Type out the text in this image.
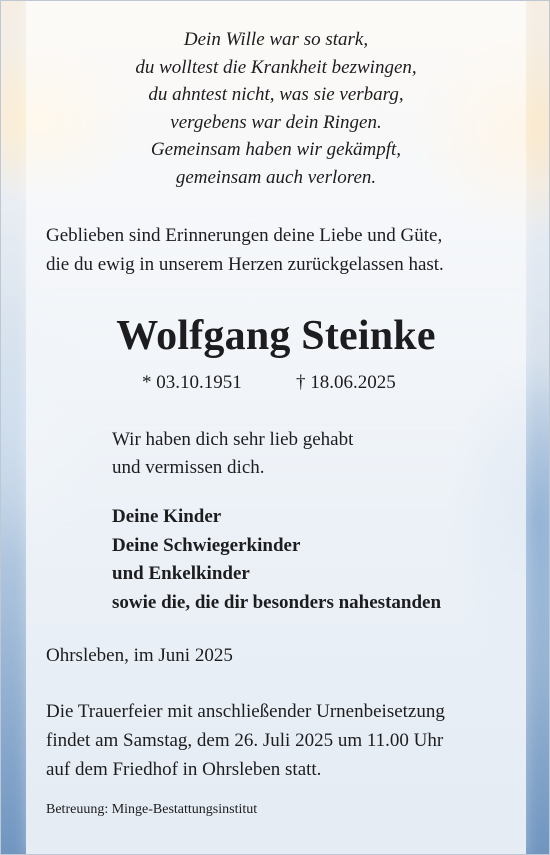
Dein Wille war so stark,
du wolltest die Krankheit bezwingen,
du ahntest nicht, was sie verbarg,
vergebens war dein Ringen.
Gemeinsam haben wir gekämpft,
gemeinsam auch verloren.
Geblieben sind Erinnerungen deine Liebe und Güte,
die du ewig in unserem Herzen zurückgelassen hast.
Wolfgang Steinke
* 03.10.1951	† 18.06.2025
Wir haben dich sehr lieb gehabt
und vermissen dich.
Deine Kinder
Deine Schwiegerkinder
und Enkelkinder
sowie die, die dir besonders nahestanden
Ohrsleben, im Juni 2025
Die Trauerfeier mit anschließender Urnenbeisetzung
findet am Samstag, dem 26. Juli 2025 um 11.00 Uhr
auf dem Friedhof in Ohrsleben statt.
Betreuung: Minge-Bestattungsinstitut
